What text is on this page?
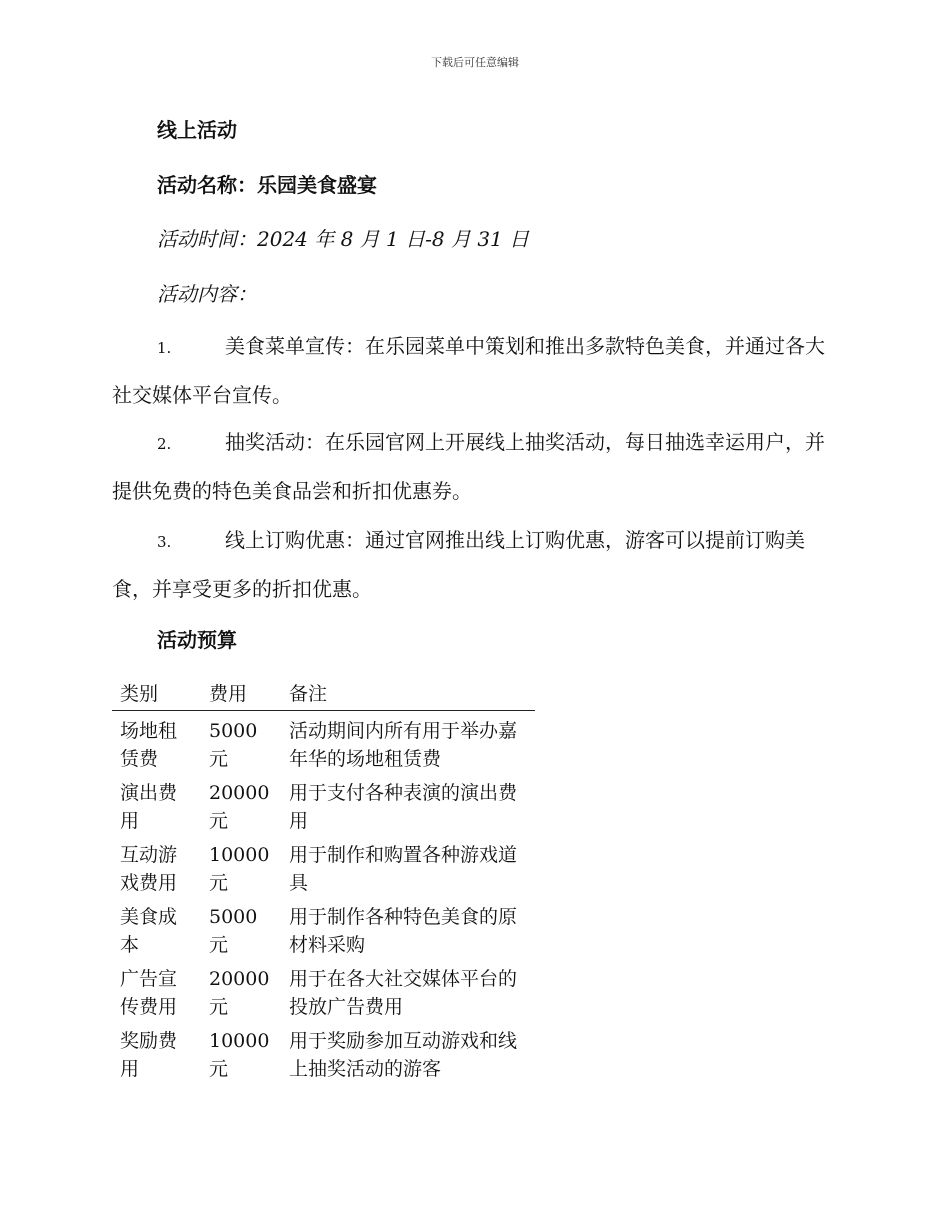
下载后可任意编辑
线上活动
活动名称：乐园美食盛宴
活动时间：2024 年 8 月 1 日-8 月 31 日
活动内容：
1.	美食菜单宣传：在乐园菜单中策划和推出多款特色美食，并通过各大社交媒体平台宣传。
2.	抽奖活动：在乐园官网上开展线上抽奖活动，每日抽选幸运用户，并提供免费的特色美食品尝和折扣优惠券。
3.	线上订购优惠：通过官网推出线上订购优惠，游客可以提前订购美食，并享受更多的折扣优惠。
活动预算
类别	费用	备注
场地租赁费	5000 元	活动期间内所有用于举办嘉年华的场地租赁费
演出费用	20000 元	用于支付各种表演的演出费用
互动游戏费用	10000 元	用于制作和购置各种游戏道具
美食成本	5000 元	用于制作各种特色美食的原材料采购
广告宣传费用	20000 元	用于在各大社交媒体平台的投放广告费用
奖励费用	10000 元	用于奖励参加互动游戏和线上抽奖活动的游客
